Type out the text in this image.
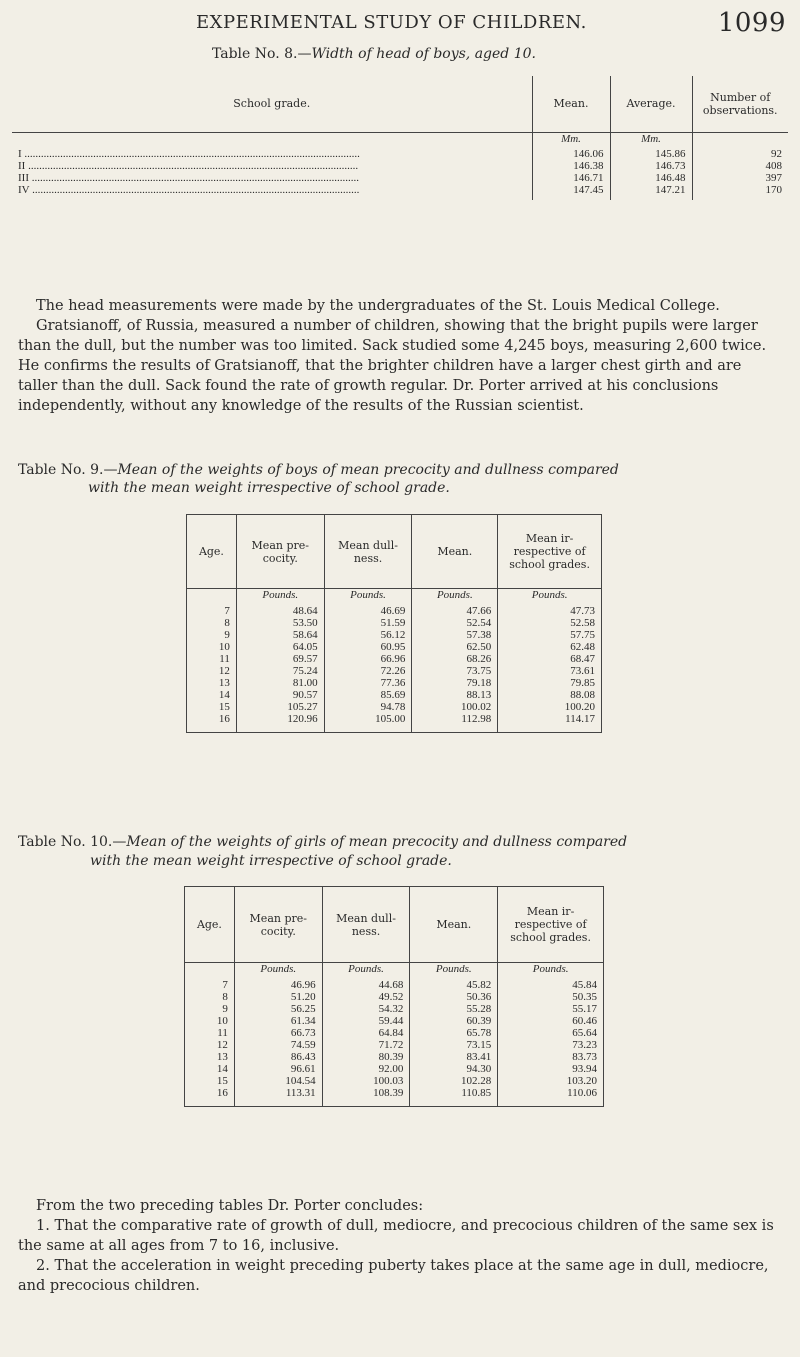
EXPERIMENTAL STUDY OF CHILDREN.	1099
Table No. 8.—Width of head of boys, aged 10.
School grade.	Mean.	Average.	Number of observations.
	Mm.	Mm.	
I ..........................................................................................................................	146.06	145.86	92
II ........................................................................................................................	146.38	146.73	408
III .......................................................................................................................	146.71	146.48	397
IV .......................................................................................................................	147.45	147.21	170

The head measurements were made by the undergraduates of the St. Louis Medical College.

Gratsianoff, of Russia, measured a number of children, showing that the bright pupils were larger than the dull, but the number was too limited. Sack studied some 4,245 boys, measuring 2,600 twice. He confirms the results of Gratsianoff, that the brighter children have a larger chest girth and are taller than the dull. Sack found the rate of growth regular. Dr. Porter arrived at his conclusions independently, without any knowledge of the results of the Russian scientist.

Table No. 9.—Mean of the weights of boys of mean precocity and dullness compared
with the mean weight irrespective of school grade.
Age.	Mean precocity.	Mean dullness.	Mean.	Mean irrespective of school grades.
	Pounds.	Pounds.	Pounds.	Pounds.
7	48.64	46.69	47.66	47.73
8	53.50	51.59	52.54	52.58
9	58.64	56.12	57.38	57.75
10	64.05	60.95	62.50	62.48
11	69.57	66.96	68.26	68.47
12	75.24	72.26	73.75	73.61
13	81.00	77.36	79.18	79.85
14	90.57	85.69	88.13	88.08
15	105.27	94.78	100.02	100.20
16	120.96	105.00	112.98	114.17

Table No. 10.—Mean of the weights of girls of mean precocity and dullness compared
with the mean weight irrespective of school grade.
Age.	Mean precocity.	Mean dullness.	Mean.	Mean irrespective of school grades.
	Pounds.	Pounds.	Pounds.	Pounds.
7	46.96	44.68	45.82	45.84
8	51.20	49.52	50.36	50.35
9	56.25	54.32	55.28	55.17
10	61.34	59.44	60.39	60.46
11	66.73	64.84	65.78	65.64
12	74.59	71.72	73.15	73.23
13	86.43	80.39	83.41	83.73
14	96.61	92.00	94.30	93.94
15	104.54	100.03	102.28	103.20
16	113.31	108.39	110.85	110.06

From the two preceding tables Dr. Porter concludes:

1. That the comparative rate of growth of dull, mediocre, and precocious children of the same sex is the same at all ages from 7 to 16, inclusive.

2. That the acceleration in weight preceding puberty takes place at the same age in dull, mediocre, and precocious children.
